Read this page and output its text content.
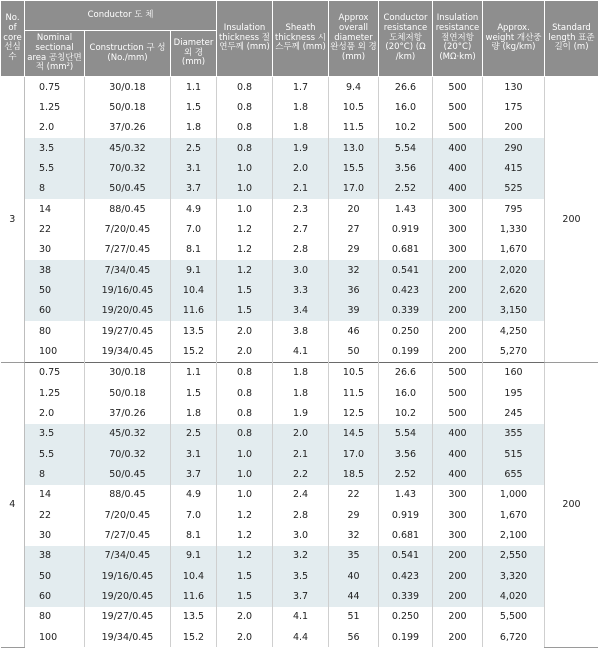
No. of core 선심수	Conductor 도 체			Insulation thickness 절연두께 (mm)	Sheath thickness 시스두께 (mm)	Approx overall diameter 완성품 외 경 (mm)	Conductor resistance 도체저항 (20°C) (Ω /km)	Insulation resistance 절연저항 (20°C) (MΩ·km)	Approx. weight 개산중량 (kg/km)	Standard length 표준길이 (m)
	Nominal sectional area 공칭단면적 (mm²)	Construction 구 성 (No./mm)	Diameter 외 경 (mm)							
3	0.75	30/0.18	1.1	0.8	1.7	9.4	26.6	500	130	200
	1.25	50/0.18	1.5	0.8	1.8	10.5	16.0	500	175	
	2.0	37/0.26	1.8	0.8	1.8	11.5	10.2	500	200	
	3.5	45/0.32	2.5	0.8	1.9	13.0	5.54	400	290	
	5.5	70/0.32	3.1	1.0	2.0	15.5	3.56	400	415	
	8	50/0.45	3.7	1.0	2.1	17.0	2.52	400	525	
	14	88/0.45	4.9	1.0	2.3	20	1.43	300	795	
	22	7/20/0.45	7.0	1.2	2.7	27	0.919	300	1,330	
	30	7/27/0.45	8.1	1.2	2.8	29	0.681	300	1,670	
	38	7/34/0.45	9.1	1.2	3.0	32	0.541	200	2,020	
	50	19/16/0.45	10.4	1.5	3.3	36	0.423	200	2,620	
	60	19/20/0.45	11.6	1.5	3.4	39	0.339	200	3,150	
	80	19/27/0.45	13.5	2.0	3.8	46	0.250	200	4,250	
	100	19/34/0.45	15.2	2.0	4.1	50	0.199	200	5,270	
4	0.75	30/0.18	1.1	0.8	1.8	10.5	26.6	500	160	200
	1.25	50/0.18	1.5	0.8	1.8	11.5	16.0	500	195	
	2.0	37/0.26	1.8	0.8	1.9	12.5	10.2	500	245	
	3.5	45/0.32	2.5	0.8	2.0	14.5	5.54	400	355	
	5.5	70/0.32	3.1	1.0	2.1	17.0	3.56	400	515	
	8	50/0.45	3.7	1.0	2.2	18.5	2.52	400	655	
	14	88/0.45	4.9	1.0	2.4	22	1.43	300	1,000	
	22	7/20/0.45	7.0	1.2	2.8	29	0.919	300	1,670	
	30	7/27/0.45	8.1	1.2	3.0	32	0.681	300	2,100	
	38	7/34/0.45	9.1	1.2	3.2	35	0.541	200	2,550	
	50	19/16/0.45	10.4	1.5	3.5	40	0.423	200	3,320	
	60	19/20/0.45	11.6	1.5	3.7	44	0.339	200	4,020	
	80	19/27/0.45	13.5	2.0	4.1	51	0.250	200	5,500	
	100	19/34/0.45	15.2	2.0	4.4	56	0.199	200	6,720	
